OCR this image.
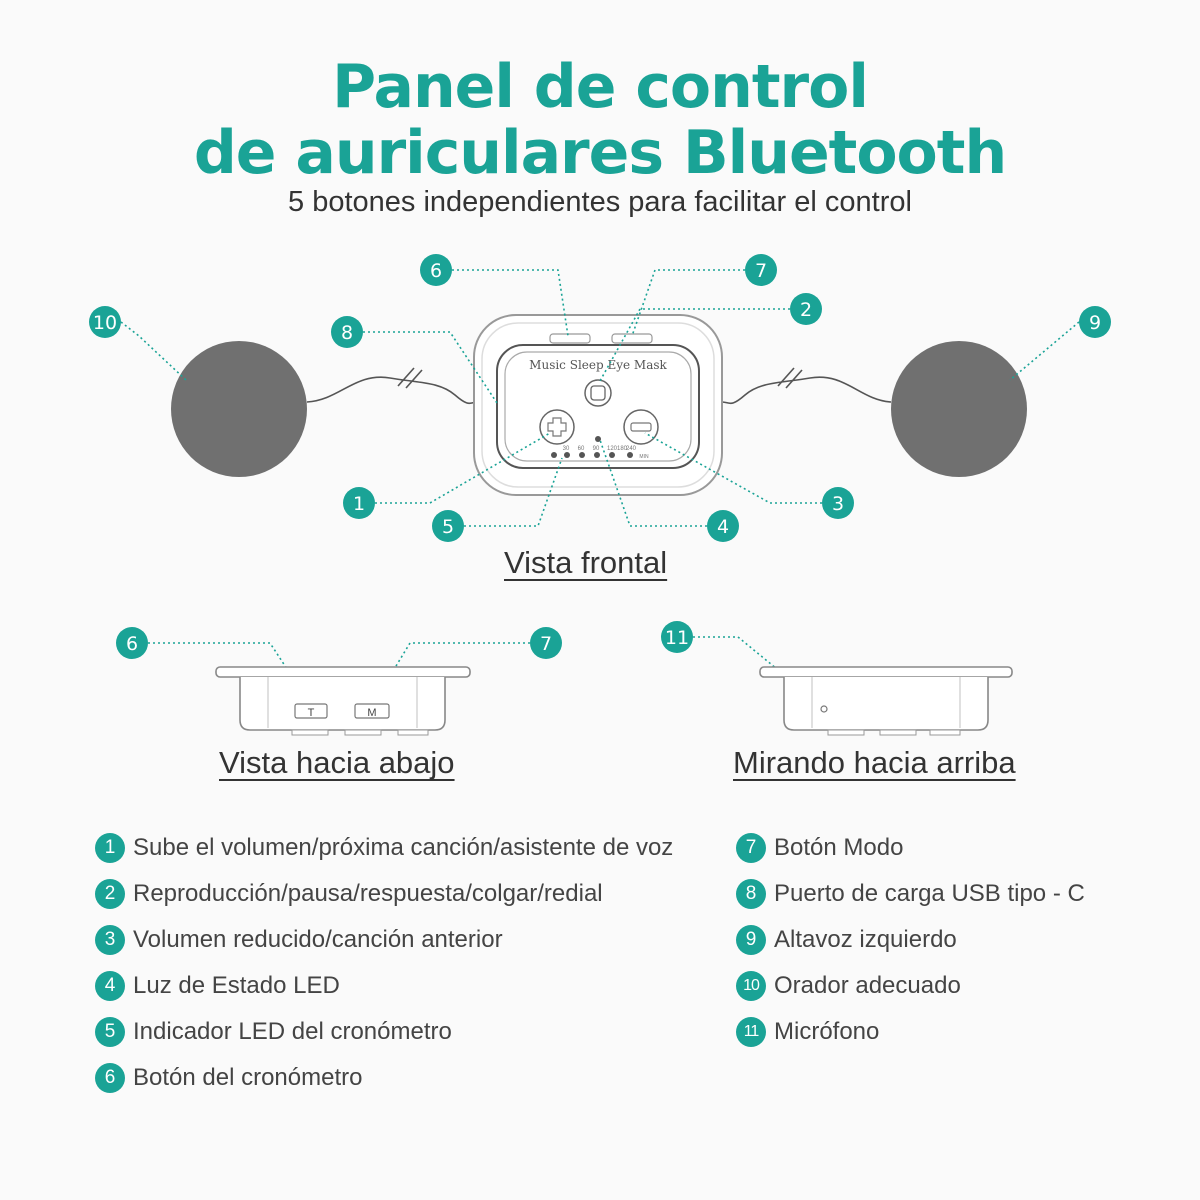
Panel de control
de auriculares Bluetooth
5 botones independientes para facilitar el control
Music Sleep Eye Mask
30 60 90 120 180
240
MIN
6	7
2
8
10	9
1	3
4
5
6	7	11
T	M
Vista frontal
Vista hacia abajo	Mirando hacia arriba
1 Sube el volumen/próxima canción/asistente de voz
2 Reproducción/pausa/respuesta/colgar/redial
3 Volumen reducido/canción anterior
4 Luz de Estado LED
5 Indicador LED del cronómetro
6 Botón del cronómetro
7 Botón Modo
8 Puerto de carga USB tipo - C
9 Altavoz izquierdo
10 Orador adecuado
11 Micrófono
